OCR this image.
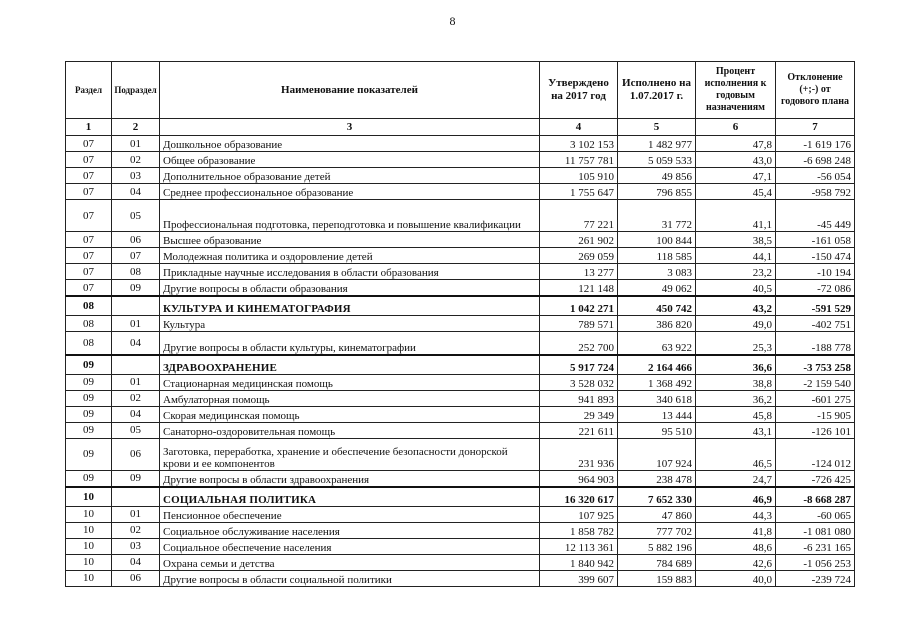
8
Раздел	Подраздел	Наименование показателей	Утверждено на 2017 год	Исполнено на 1.07.2017 г.	Процент исполнения к годовым назначениям	Отклонение (+;-) от годового плана
1	2	3	4	5	6	7
07	01	Дошкольное образование	3 102 153	1 482 977	47,8	-1 619 176
07	02	Общее образование	11 757 781	5 059 533	43,0	-6 698 248
07	03	Дополнительное образование детей	105 910	49 856	47,1	-56 054
07	04	Среднее профессиональное образование	1 755 647	796 855	45,4	-958 792
07	05	Профессиональная подготовка, переподготовка и повышение квалификации	77 221	31 772	41,1	-45 449
07	06	Высшее образование	261 902	100 844	38,5	-161 058
07	07	Молодежная политика и оздоровление детей	269 059	118 585	44,1	-150 474
07	08	Прикладные научные исследования в области образования	13 277	3 083	23,2	-10 194
07	09	Другие вопросы в области образования	121 148	49 062	40,5	-72 086
08		КУЛЬТУРА И КИНЕМАТОГРАФИЯ	1 042 271	450 742	43,2	-591 529
08	01	Культура	789 571	386 820	49,0	-402 751
08	04	Другие вопросы в области культуры, кинематографии	252 700	63 922	25,3	-188 778
09		ЗДРАВООХРАНЕНИЕ	5 917 724	2 164 466	36,6	-3 753 258
09	01	Стационарная медицинская помощь	3 528 032	1 368 492	38,8	-2 159 540
09	02	Амбулаторная помощь	941 893	340 618	36,2	-601 275
09	04	Скорая медицинская помощь	29 349	13 444	45,8	-15 905
09	05	Санаторно-оздоровительная помощь	221 611	95 510	43,1	-126 101
09	06	Заготовка, переработка, хранение и обеспечение безопасности донорской крови и ее компонентов	231 936	107 924	46,5	-124 012
09	09	Другие вопросы в области здравоохранения	964 903	238 478	24,7	-726 425
10		СОЦИАЛЬНАЯ ПОЛИТИКА	16 320 617	7 652 330	46,9	-8 668 287
10	01	Пенсионное обеспечение	107 925	47 860	44,3	-60 065
10	02	Социальное обслуживание населения	1 858 782	777 702	41,8	-1 081 080
10	03	Социальное обеспечение населения	12 113 361	5 882 196	48,6	-6 231 165
10	04	Охрана семьи и детства	1 840 942	784 689	42,6	-1 056 253
10	06	Другие вопросы в области социальной политики	399 607	159 883	40,0	-239 724
